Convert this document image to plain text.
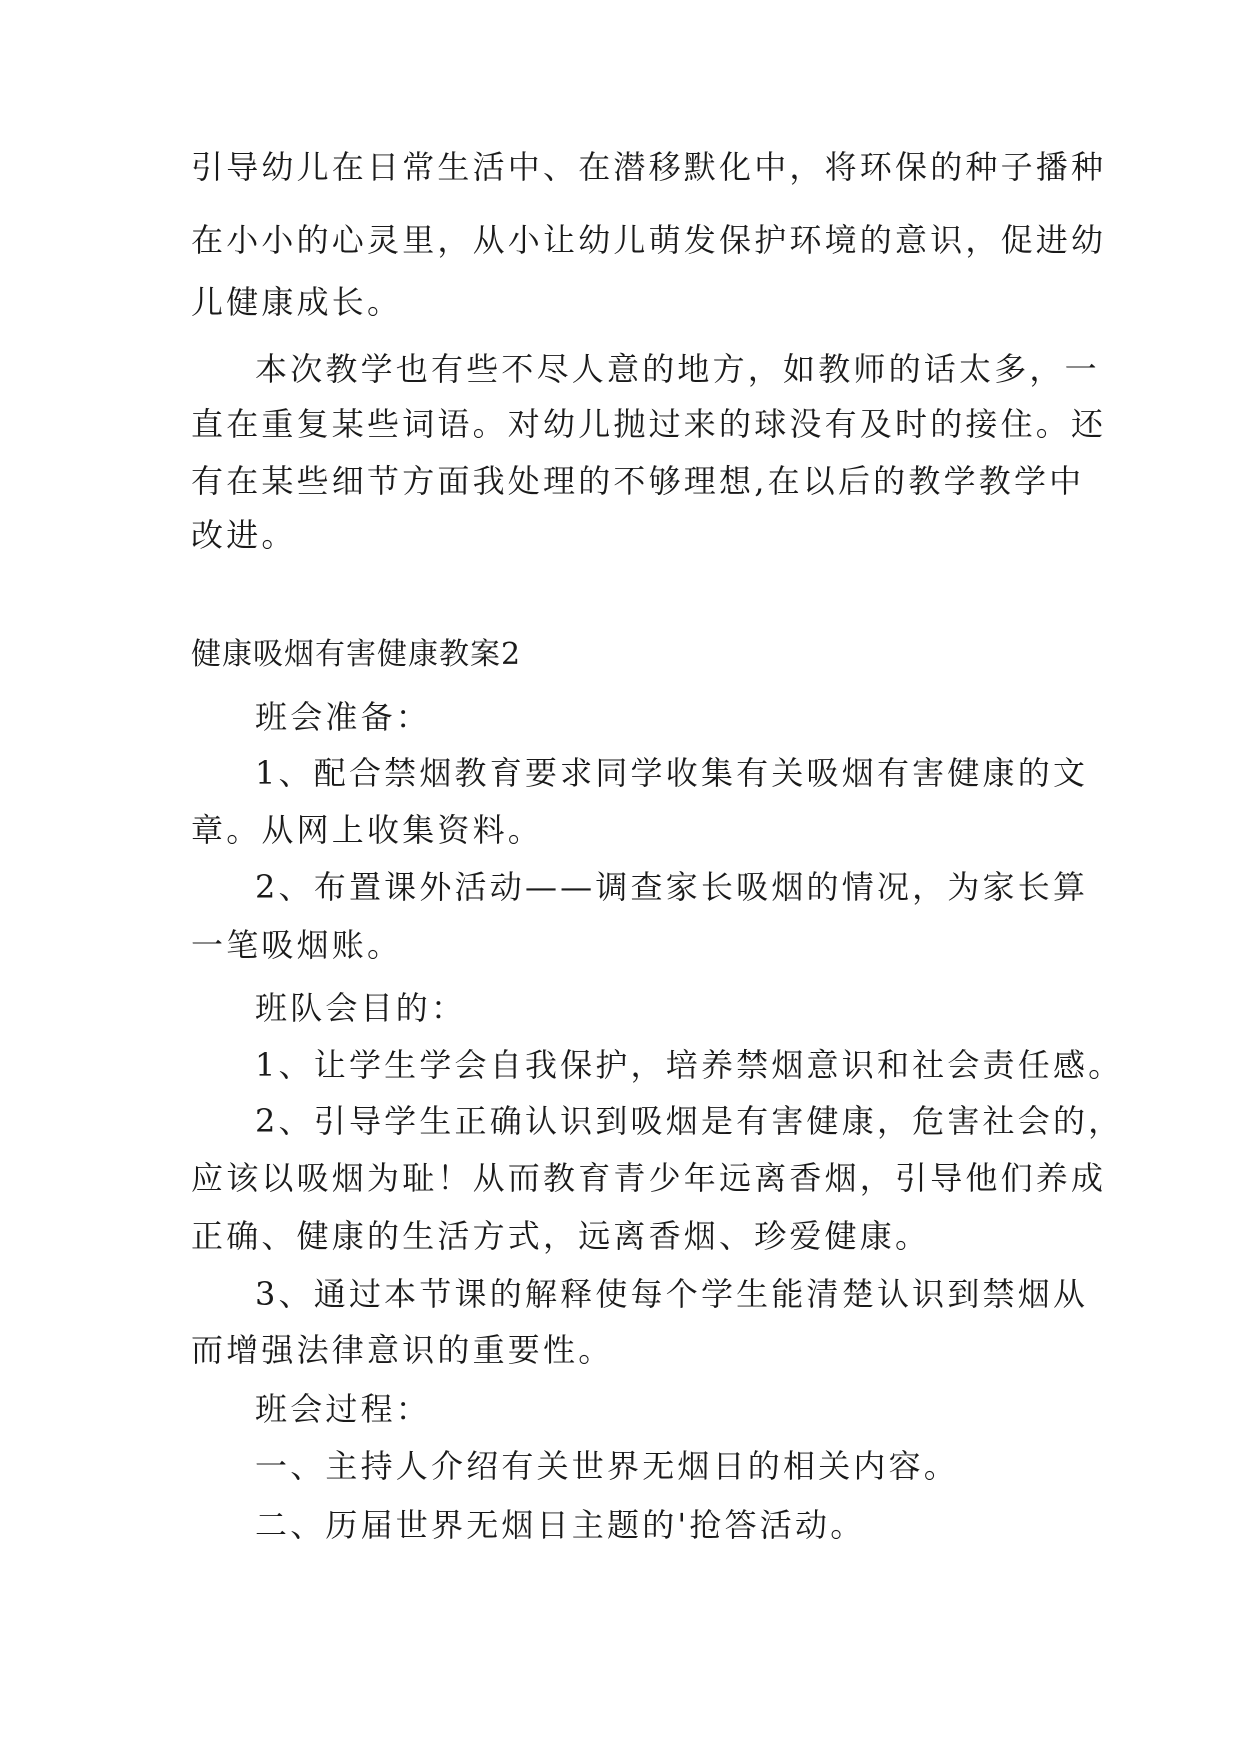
引导幼儿在日常生活中、在潜移默化中，将环保的种子播种
在小小的心灵里，从小让幼儿萌发保护环境的意识，促进幼
儿健康成长。
本次教学也有些不尽人意的地方，如教师的话太多，一
直在重复某些词语。对幼儿抛过来的球没有及时的接住。还
有在某些细节方面我处理的不够理想,在以后的教学教学中
改进。
健康吸烟有害健康教案2
班会准备：
1、配合禁烟教育要求同学收集有关吸烟有害健康的文
章。从网上收集资料。
2、布置课外活动——调查家长吸烟的情况，为家长算
一笔吸烟账。
班队会目的：
1、让学生学会自我保护，培养禁烟意识和社会责任感。
2、引导学生正确认识到吸烟是有害健康，危害社会的，
应该以吸烟为耻！从而教育青少年远离香烟，引导他们养成
正确、健康的生活方式，远离香烟、珍爱健康。
3、通过本节课的解释使每个学生能清楚认识到禁烟从
而增强法律意识的重要性。
班会过程：
一、主持人介绍有关世界无烟日的相关内容。
二、历届世界无烟日主题的'抢答活动。
